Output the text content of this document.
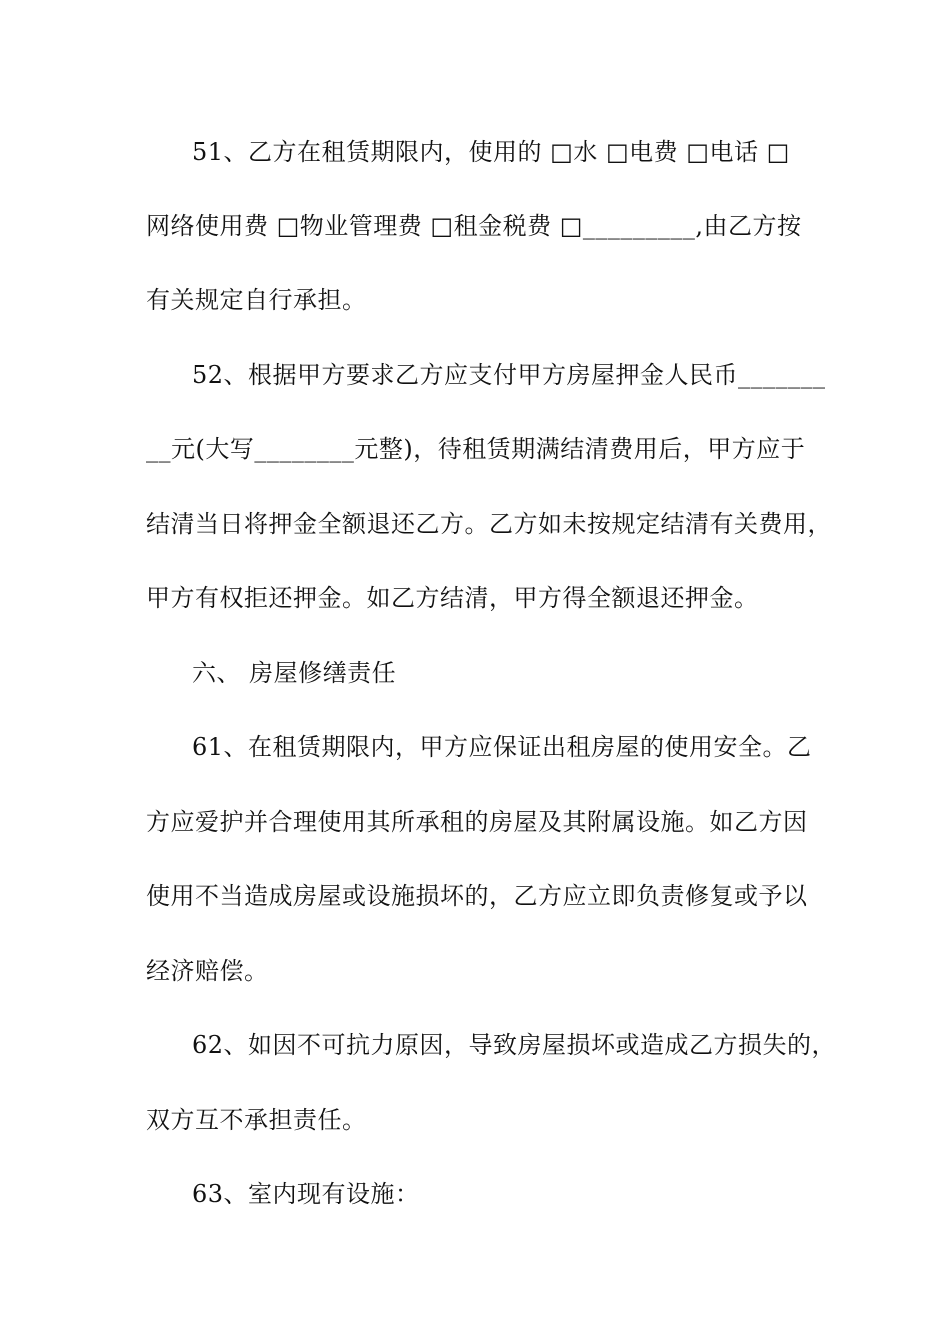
51、乙方在租赁期限内，使用的 □水 □电费 □电话 □
网络使用费 □物业管理费 □租金税费 □_________,由乙方按
有关规定自行承担。
52、根据甲方要求乙方应支付甲方房屋押金人民币_______
__元(大写________元整)，待租赁期满结清费用后，甲方应于
结清当日将押金全额退还乙方。乙方如未按规定结清有关费用，
甲方有权拒还押金。如乙方结清，甲方得全额退还押金。
六、 房屋修缮责任
61、在租赁期限内，甲方应保证出租房屋的使用安全。乙
方应爱护并合理使用其所承租的房屋及其附属设施。如乙方因
使用不当造成房屋或设施损坏的，乙方应立即负责修复或予以
经济赔偿。
62、如因不可抗力原因，导致房屋损坏或造成乙方损失的，
双方互不承担责任。
63、室内现有设施：
